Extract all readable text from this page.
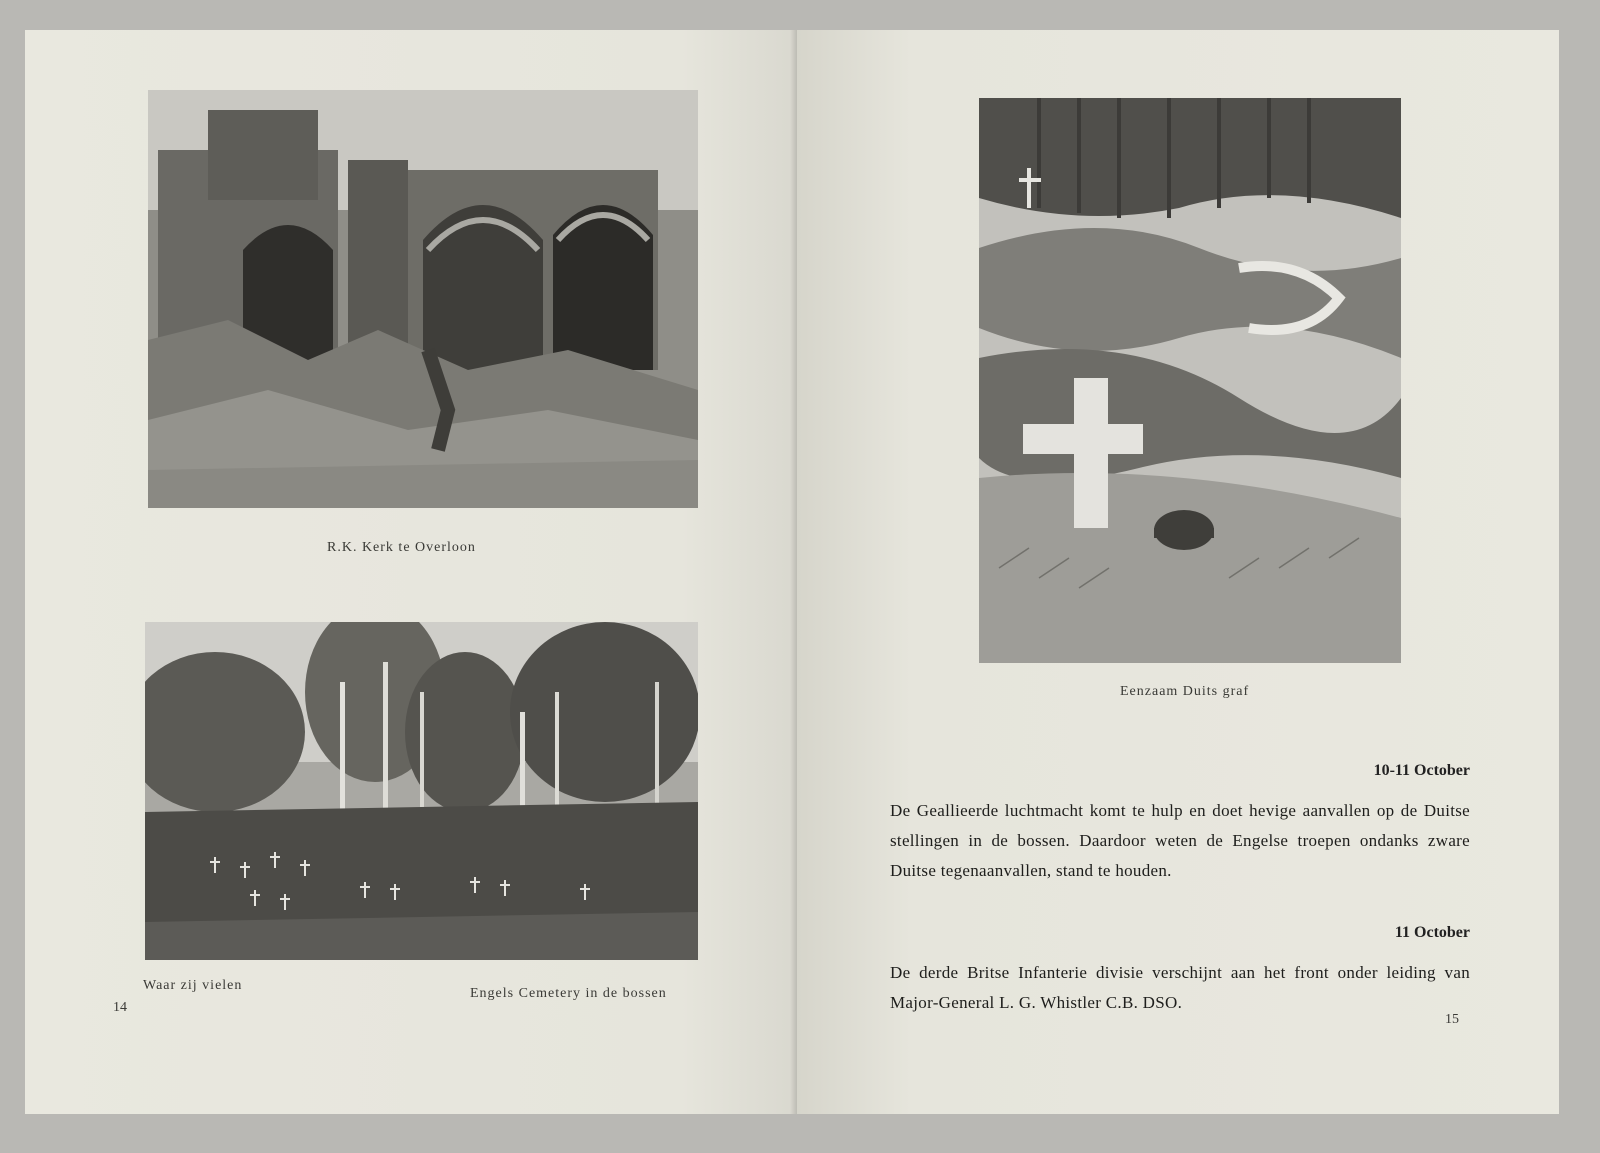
R.K. Kerk te Overloon
Waar zij vielen
Engels Cemetery in de bossen
14
Eenzaam Duits graf
10-11 October
De Geallieerde luchtmacht komt te hulp en doet hevige aanvallen op de Duitse stellingen in de bossen. Daardoor weten de Engelse troepen ondanks zware Duitse tegenaanvallen, stand te houden.
11 October
De derde Britse Infanterie divisie verschijnt aan het front onder leiding van Major-General L. G. Whistler C.B. DSO.
15
